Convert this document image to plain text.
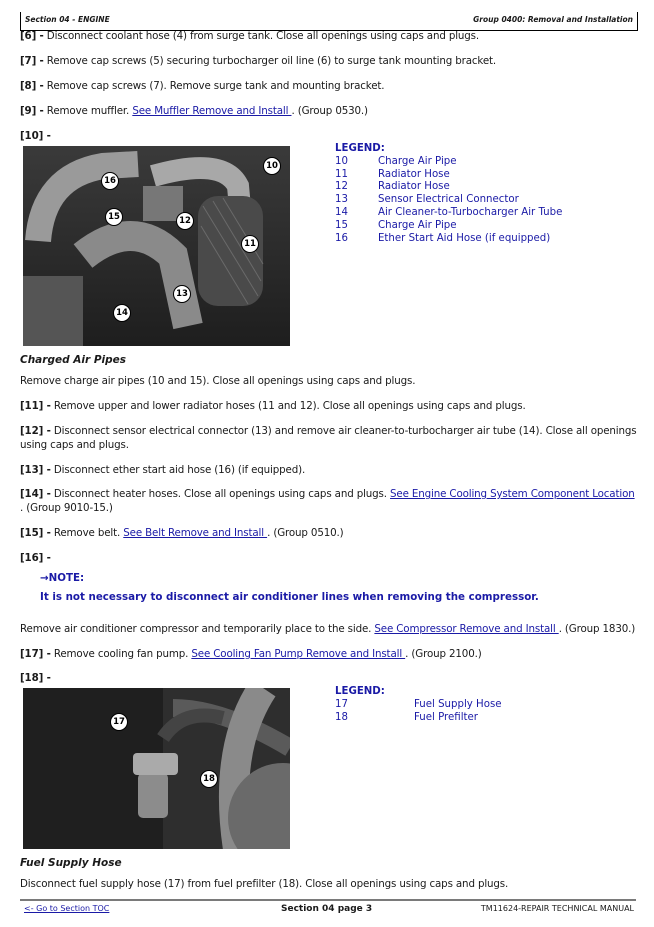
Section 04 - ENGINE	Group 0400: Removal and Installation
[6] - Disconnect coolant hose (4) from surge tank. Close all openings using caps and plugs.
[7] - Remove cap screws (5) securing turbocharger oil line (6) to surge tank mounting bracket.
[8] - Remove cap screws (7). Remove surge tank and mounting bracket.
[9] - Remove muffler. See Muffler Remove and Install . (Group 0530.)
[10] -
10
16
15	12
11
13
14
LEGEND:
10	Charge Air Pipe
11	Radiator Hose
12	Radiator Hose
13	Sensor Electrical Connector
14	Air Cleaner-to-Turbocharger Air Tube
15	Charge Air Pipe
16	Ether Start Aid Hose (if equipped)
Charged Air Pipes
Remove charge air pipes (10 and 15). Close all openings using caps and plugs.
[11] - Remove upper and lower radiator hoses (11 and 12). Close all openings using caps and plugs.
[12] - Disconnect sensor electrical connector (13) and remove air cleaner-to-turbocharger air tube (14). Close all openings using caps and plugs.
[13] - Disconnect ether start aid hose (16) (if equipped).
[14] - Disconnect heater hoses. Close all openings using caps and plugs. See Engine Cooling System Component Location . (Group 9010-15.)
[15] - Remove belt. See Belt Remove and Install . (Group 0510.)
[16] -
→NOTE:
It is not necessary to disconnect air conditioner lines when removing the compressor.
Remove air conditioner compressor and temporarily place to the side. See Compressor Remove and Install . (Group 1830.)
[17] - Remove cooling fan pump. See Cooling Fan Pump Remove and Install . (Group 2100.)
[18] -
17
18
LEGEND:
17	Fuel Supply Hose
18	Fuel Prefilter
Fuel Supply Hose
Disconnect fuel supply hose (17) from fuel prefilter (18). Close all openings using caps and plugs.
<- Go to Section TOC	Section 04 page 3	TM11624-REPAIR TECHNICAL MANUAL
